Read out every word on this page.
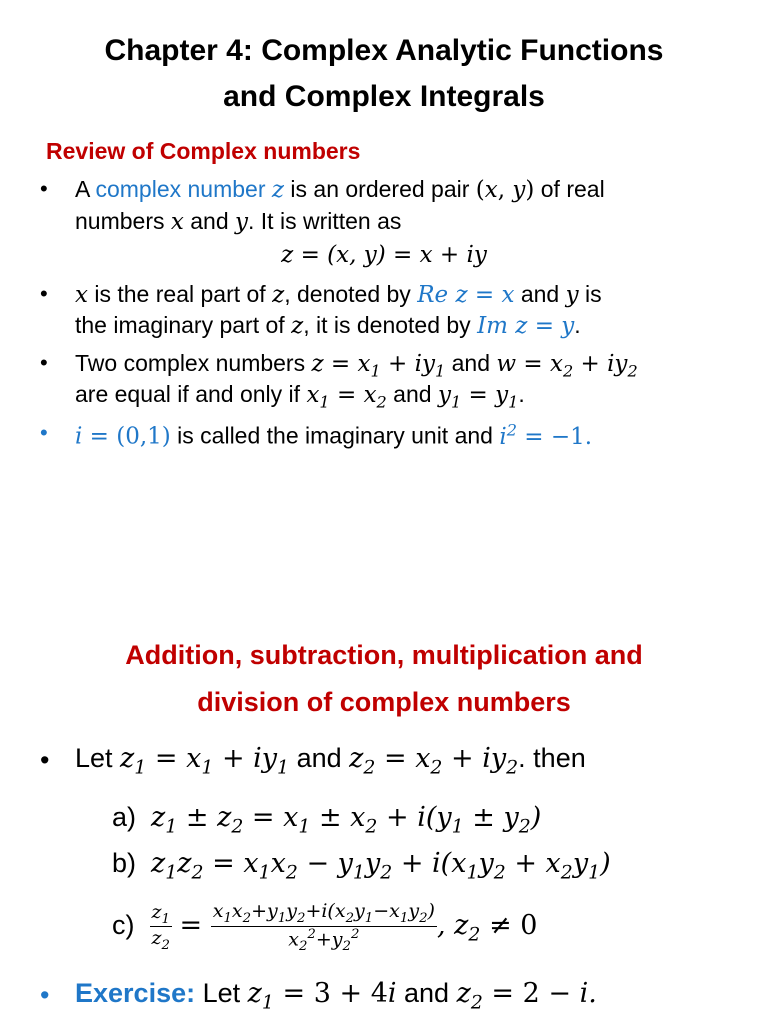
Chapter 4: Complex Analytic Functions
and Complex Integrals
Review of Complex numbers
• A complex number z is an ordered pair (x, y) of real
numbers x and y. It is written as
z = (x, y) = x + iy
• x is the real part of z, denoted by Re z = x and y is
the imaginary part of z, it is denoted by Im z = y.
• Two complex numbers $z = x_1 + iy_1$ and $w = x_2 + iy_2$
are equal if and only if $x_1 = x_2$ and $y_1 = y_1$.
• i = (0,1) is called the imaginary unit and $i^2 = -1$.
Addition, subtraction, multiplication and
division of complex numbers
• Let $z_1 = x_1 + iy_1$ and $z_2 = x_2 + iy_2$. then
a) $z_1 \pm z_2 = x_1 \pm x_2 + i(y_1 \pm y_2)$
b) $z_1z_2 = x_1x_2 - y_1y_2 + i(x_1y_2 + x_2y_1)$
$c) \frac{z_1}{z_2} = \frac{x_1x_2+y_1y_2+i(x_2y_1-x_1y_2)}{x_2^2+y_2^2}$ , $z_2 \ne 0$
• Exercise: Let $z_1 = 3 + 4i$ and $z_2 = 2 - i$.
